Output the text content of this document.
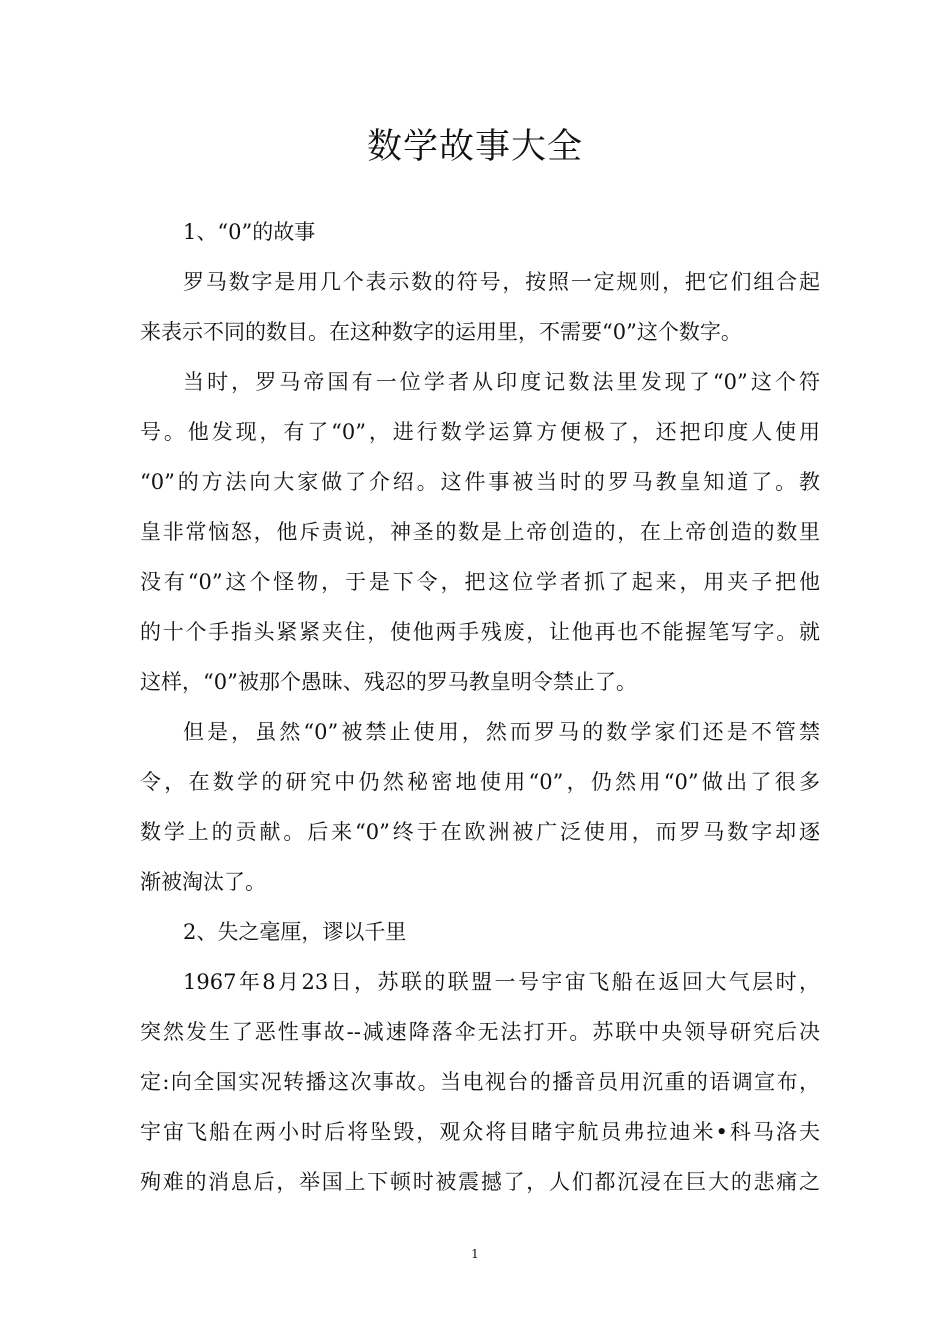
数学故事大全
1、“0”的故事
罗马数字是用几个表示数的符号，按照一定规则，把它们组合起
来表示不同的数目。在这种数字的运用里，不需要“0”这个数字。
当时，罗马帝国有一位学者从印度记数法里发现了“0”这个符
号。他发现，有了“0”，进行数学运算方便极了，还把印度人使用
“0”的方法向大家做了介绍。这件事被当时的罗马教皇知道了。教
皇非常恼怒，他斥责说，神圣的数是上帝创造的，在上帝创造的数里
没有“0”这个怪物，于是下令，把这位学者抓了起来，用夹子把他
的十个手指头紧紧夹住，使他两手残废，让他再也不能握笔写字。就
这样，“0”被那个愚昧、残忍的罗马教皇明令禁止了。
但是，虽然“0”被禁止使用，然而罗马的数学家们还是不管禁
令，在数学的研究中仍然秘密地使用“0”，仍然用“0”做出了很多
数学上的贡献。后来“0”终于在欧洲被广泛使用，而罗马数字却逐
渐被淘汰了。
2、失之毫厘，谬以千里
1967年8月23日，苏联的联盟一号宇宙飞船在返回大气层时，
突然发生了恶性事故--减速降落伞无法打开。苏联中央领导研究后决
定:向全国实况转播这次事故。当电视台的播音员用沉重的语调宣布，
宇宙飞船在两小时后将坠毁，观众将目睹宇航员弗拉迪米•科马洛夫
殉难的消息后，举国上下顿时被震撼了，人们都沉浸在巨大的悲痛之
1
